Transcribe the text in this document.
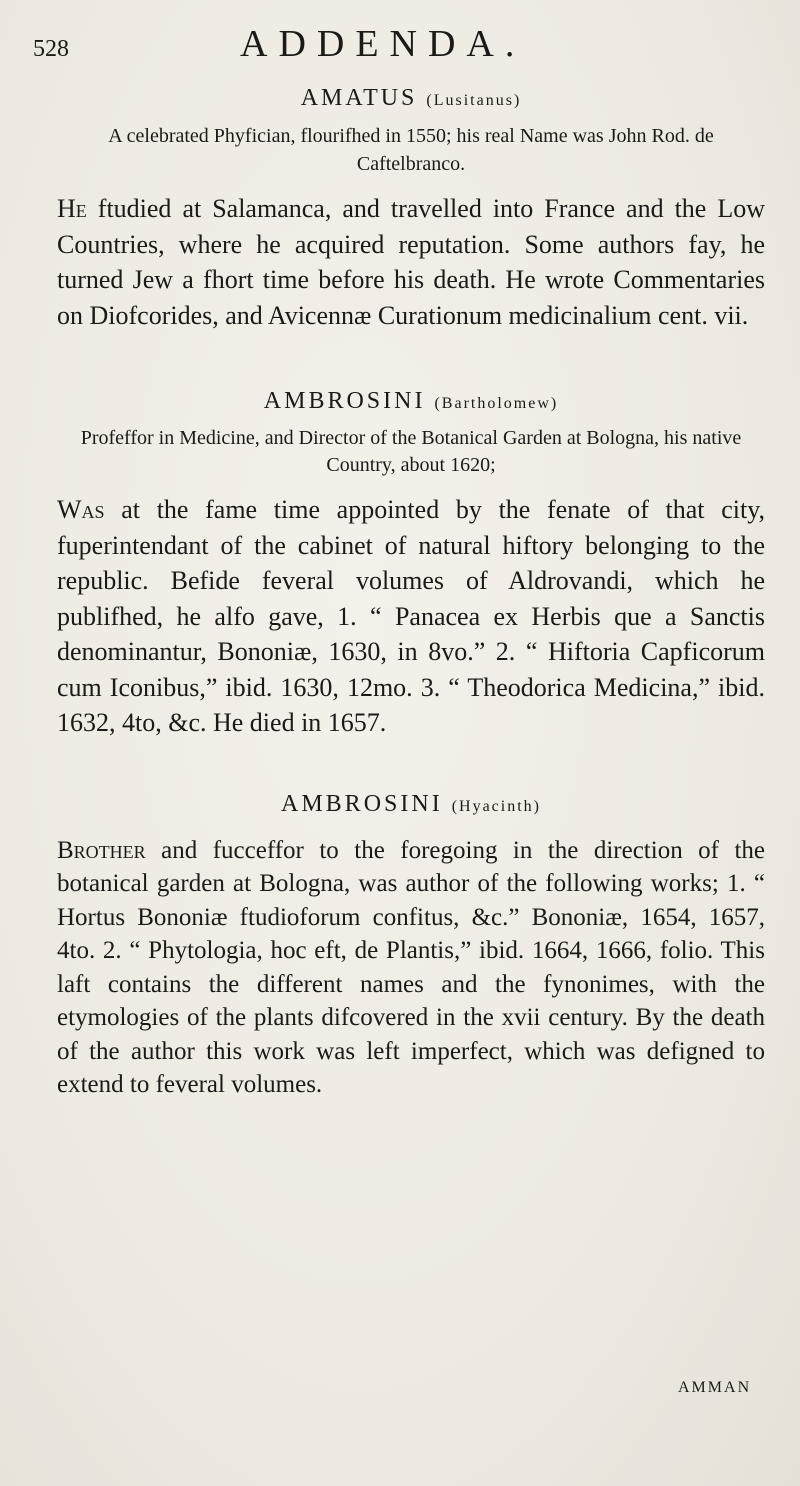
528	ADDENDA.
AMATUS (Lusitanus)
A celebrated Phyfician, flourifhed in 1550; his real Name was John Rod. de Caftelbranco.

He ftudied at Salamanca, and travelled into France and the Low Countries, where he acquired reputation. Some authors fay, he turned Jew a fhort time before his death. He wrote Commentaries on Diofcorides, and Avicennæ Curationum medicinalium cent. vii.

AMBROSINI (Bartholomew)
Profeffor in Medicine, and Director of the Botanical Garden at Bologna, his native Country, about 1620;

Was at the fame time appointed by the fenate of that city, fuperintendant of the cabinet of natural hiftory belonging to the republic. Befide feveral volumes of Aldrovandi, which he publifhed, he alfo gave, 1. “ Panacea ex Herbis que a Sanctis denominantur, Bononiæ, 1630, in 8vo.” 2. “ Hiftoria Capficorum cum Iconibus,” ibid. 1630, 12mo. 3. “ Theodorica Medicina,” ibid. 1632, 4to, &c. He died in 1657.

AMBROSINI (Hyacinth)

Brother and fucceffor to the foregoing in the direction of the botanical garden at Bologna, was author of the following works; 1. “ Hortus Bononiæ ftudioforum confitus, &c.” Bononiæ, 1654, 1657, 4to. 2. “ Phytologia, hoc eft, de Plantis,” ibid. 1664, 1666, folio. This laft contains the different names and the fynonimes, with the etymologies of the plants difcovered in the xvii century. By the death of the author this work was left imperfect, which was defigned to extend to feveral volumes.

AMMAN
